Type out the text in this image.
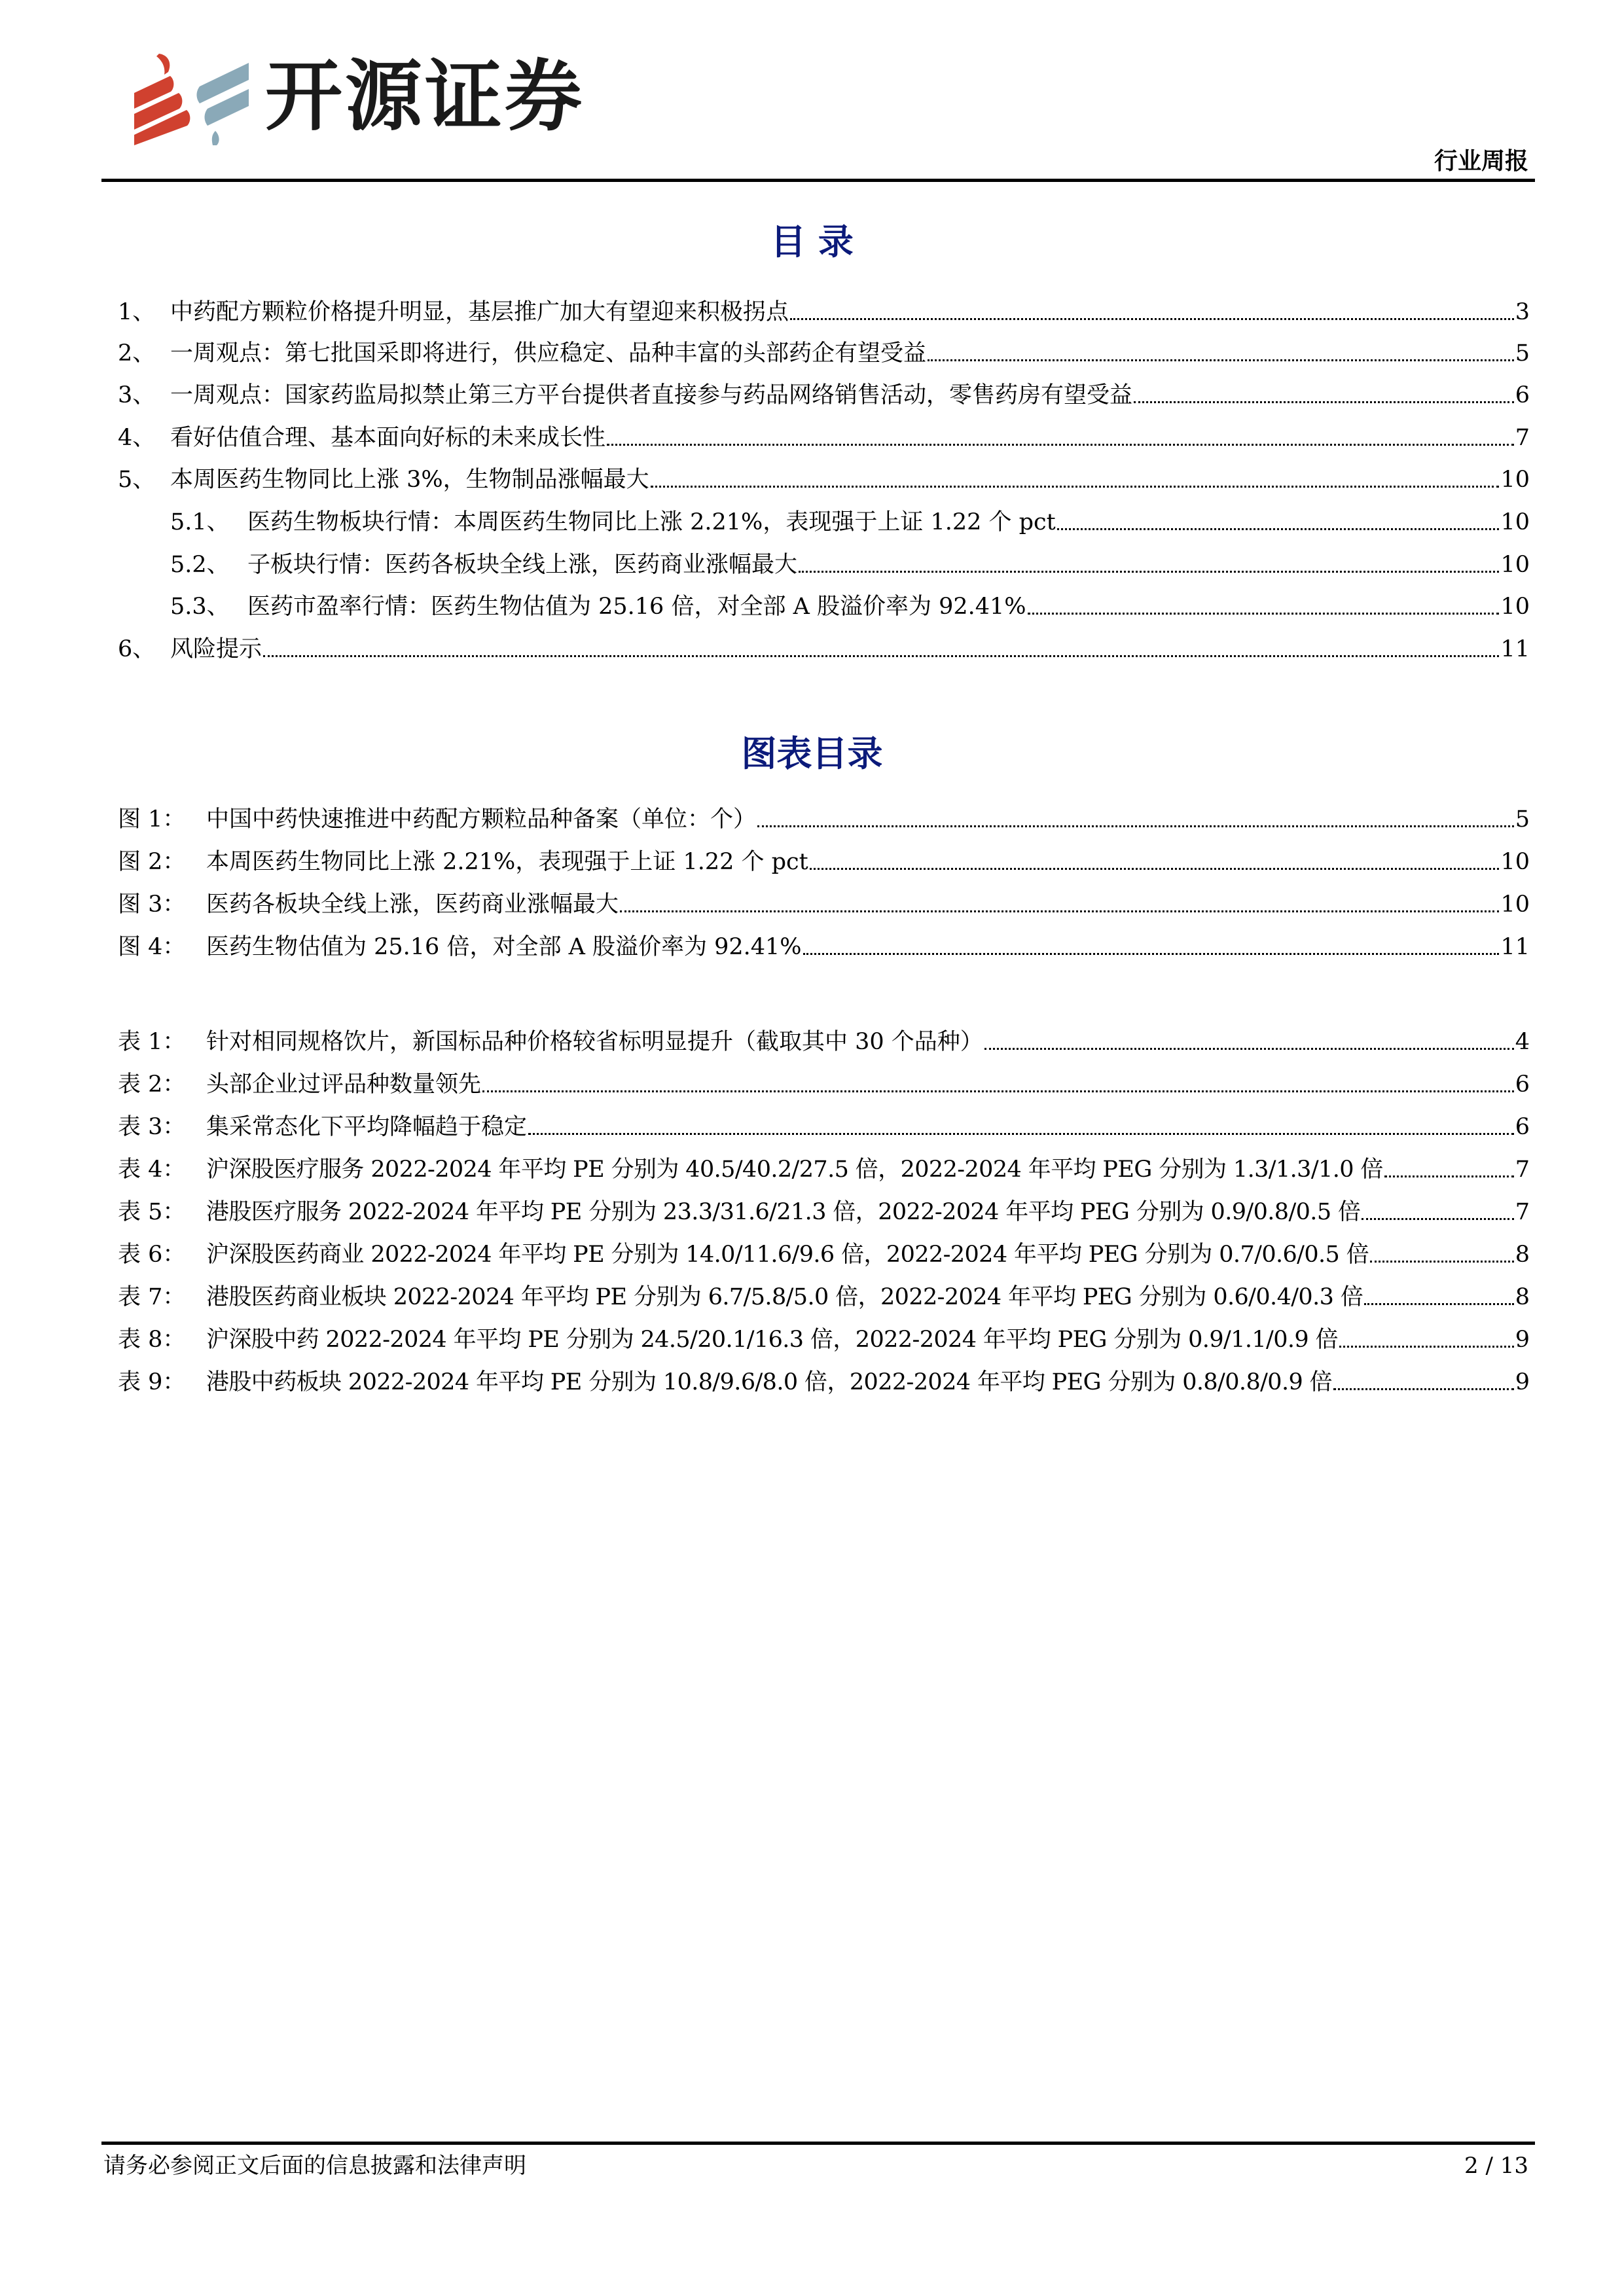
开源证券
行业周报
目 录
1、 中药配方颗粒价格提升明显，基层推广加大有望迎来积极拐点	3
2、 一周观点：第七批国采即将进行，供应稳定、品种丰富的头部药企有望受益	5
3、 一周观点：国家药监局拟禁止第三方平台提供者直接参与药品网络销售活动，零售药房有望受益	6
4、 看好估值合理、基本面向好标的未来成长性	7
5、 本周医药生物同比上涨 3%，生物制品涨幅最大	10
5.1、 医药生物板块行情：本周医药生物同比上涨 2.21%，表现强于上证 1.22 个 pct	10
5.2、 子板块行情：医药各板块全线上涨，医药商业涨幅最大	10
5.3、 医药市盈率行情：医药生物估值为 25.16 倍，对全部 A 股溢价率为 92.41%	10
6、 风险提示	11
图表目录
图 1： 中国中药快速推进中药配方颗粒品种备案（单位：个）	5
图 2： 本周医药生物同比上涨 2.21%，表现强于上证 1.22 个 pct	10
图 3： 医药各板块全线上涨，医药商业涨幅最大	10
图 4： 医药生物估值为 25.16 倍，对全部 A 股溢价率为 92.41%	11
表 1： 针对相同规格饮片，新国标品种价格较省标明显提升（截取其中 30 个品种）	4
表 2： 头部企业过评品种数量领先	6
表 3： 集采常态化下平均降幅趋于稳定	6
表 4： 沪深股医疗服务 2022-2024 年平均 PE 分别为 40.5/40.2/27.5 倍，2022-2024 年平均 PEG 分别为 1.3/1.3/1.0 倍	7
表 5： 港股医疗服务 2022-2024 年平均 PE 分别为 23.3/31.6/21.3 倍，2022-2024 年平均 PEG 分别为 0.9/0.8/0.5 倍	7
表 6： 沪深股医药商业 2022-2024 年平均 PE 分别为 14.0/11.6/9.6 倍，2022-2024 年平均 PEG 分别为 0.7/0.6/0.5 倍	8
表 7： 港股医药商业板块 2022-2024 年平均 PE 分别为 6.7/5.8/5.0 倍，2022-2024 年平均 PEG 分别为 0.6/0.4/0.3 倍	8
表 8： 沪深股中药 2022-2024 年平均 PE 分别为 24.5/20.1/16.3 倍，2022-2024 年平均 PEG 分别为 0.9/1.1/0.9 倍	9
表 9： 港股中药板块 2022-2024 年平均 PE 分别为 10.8/9.6/8.0 倍，2022-2024 年平均 PEG 分别为 0.8/0.8/0.9 倍	9
请务必参阅正文后面的信息披露和法律声明	2 / 13
